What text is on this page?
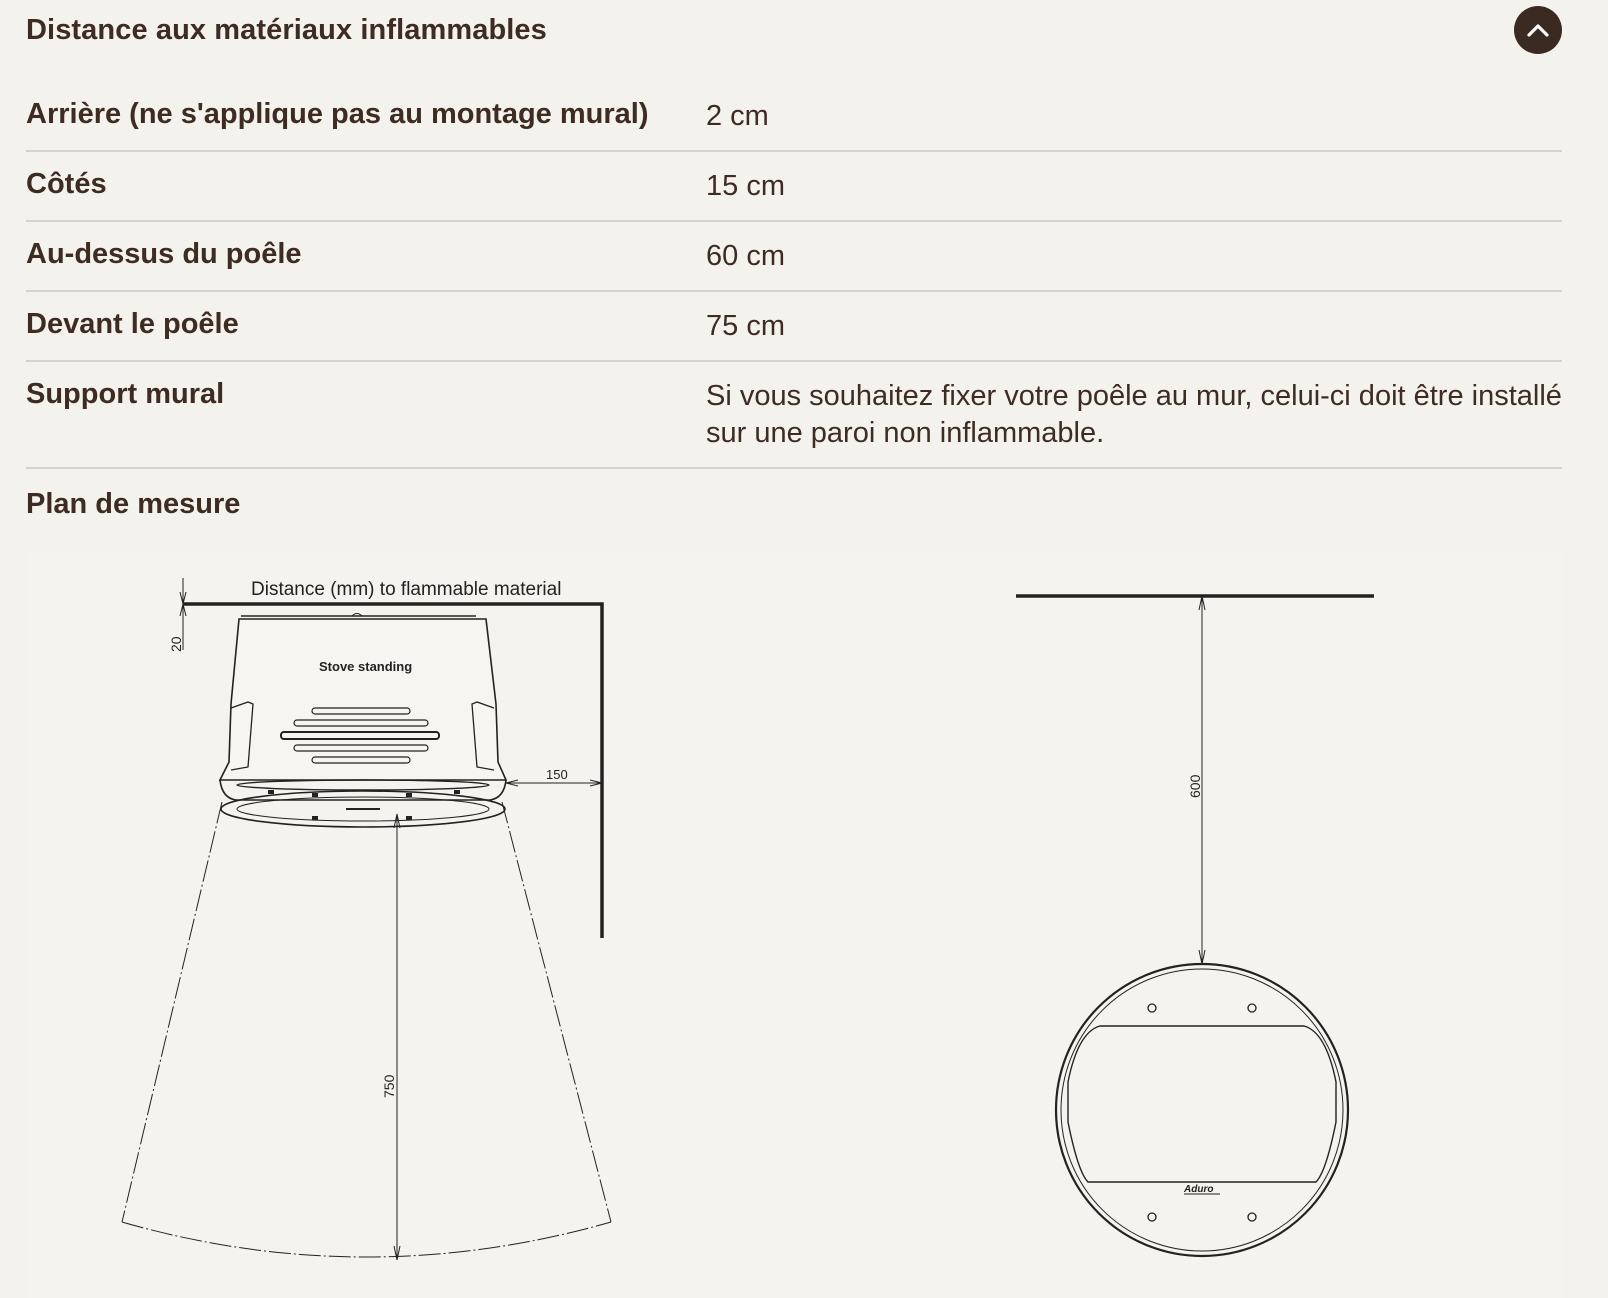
Distance aux matériaux inflammables
Arrière (ne s'applique pas au montage mural)	2 cm
Côtés	15 cm
Au-dessus du poêle	60 cm
Devant le poêle	75 cm
Support mural	Si vous souhaitez fixer votre poêle au mur, celui-ci doit être installé sur une paroi non inflammable.
Plan de mesure
Distance (mm) to flammable material
20
Stove standing
150
750
600
Aduro
